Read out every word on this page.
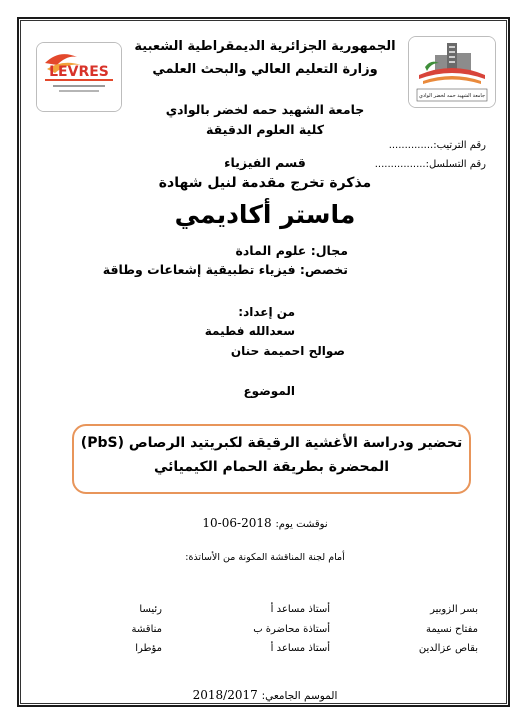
LEVRES
جامعة الشهيد حمه لخضر الوادي
الجمهورية الجزائرية الديمقراطية الشعبية
وزارة التعليم العالي والبحث العلمي
جامعة الشهيد حمه لخضر بالوادي
كلية العلوم الدقيقة
رقم الترتيب:..............
رقم التسلسل:................
قسم الفيزياء
مذكرة تخرج مقدمة لنيل شهادة
ماستر أكاديمي
مجال: علوم المادة
تخصص: فيزياء تطبيقية إشعاعات وطاقة
من إعداد:
سعدالله فطيمة
صوالح احميمة حنان
الموضوع
تحضير ودراسة الأغشية الرقيقة لكبريتيد الرصاص (PbS)
المحضرة بطريقة الحمام الكيميائي
نوقشت يوم: 2018-06-10
أمام لجنة المناقشة المكونة من الأساتذة:
بسر الزوبير
أستاذ مساعد أ
رئيسا
مفتاح نسيمة
أستاذة محاضرة ب
مناقشة
بقاص عزالدين
أستاذ مساعد أ
مؤطرا
الموسم الجامعي: 2018/2017
